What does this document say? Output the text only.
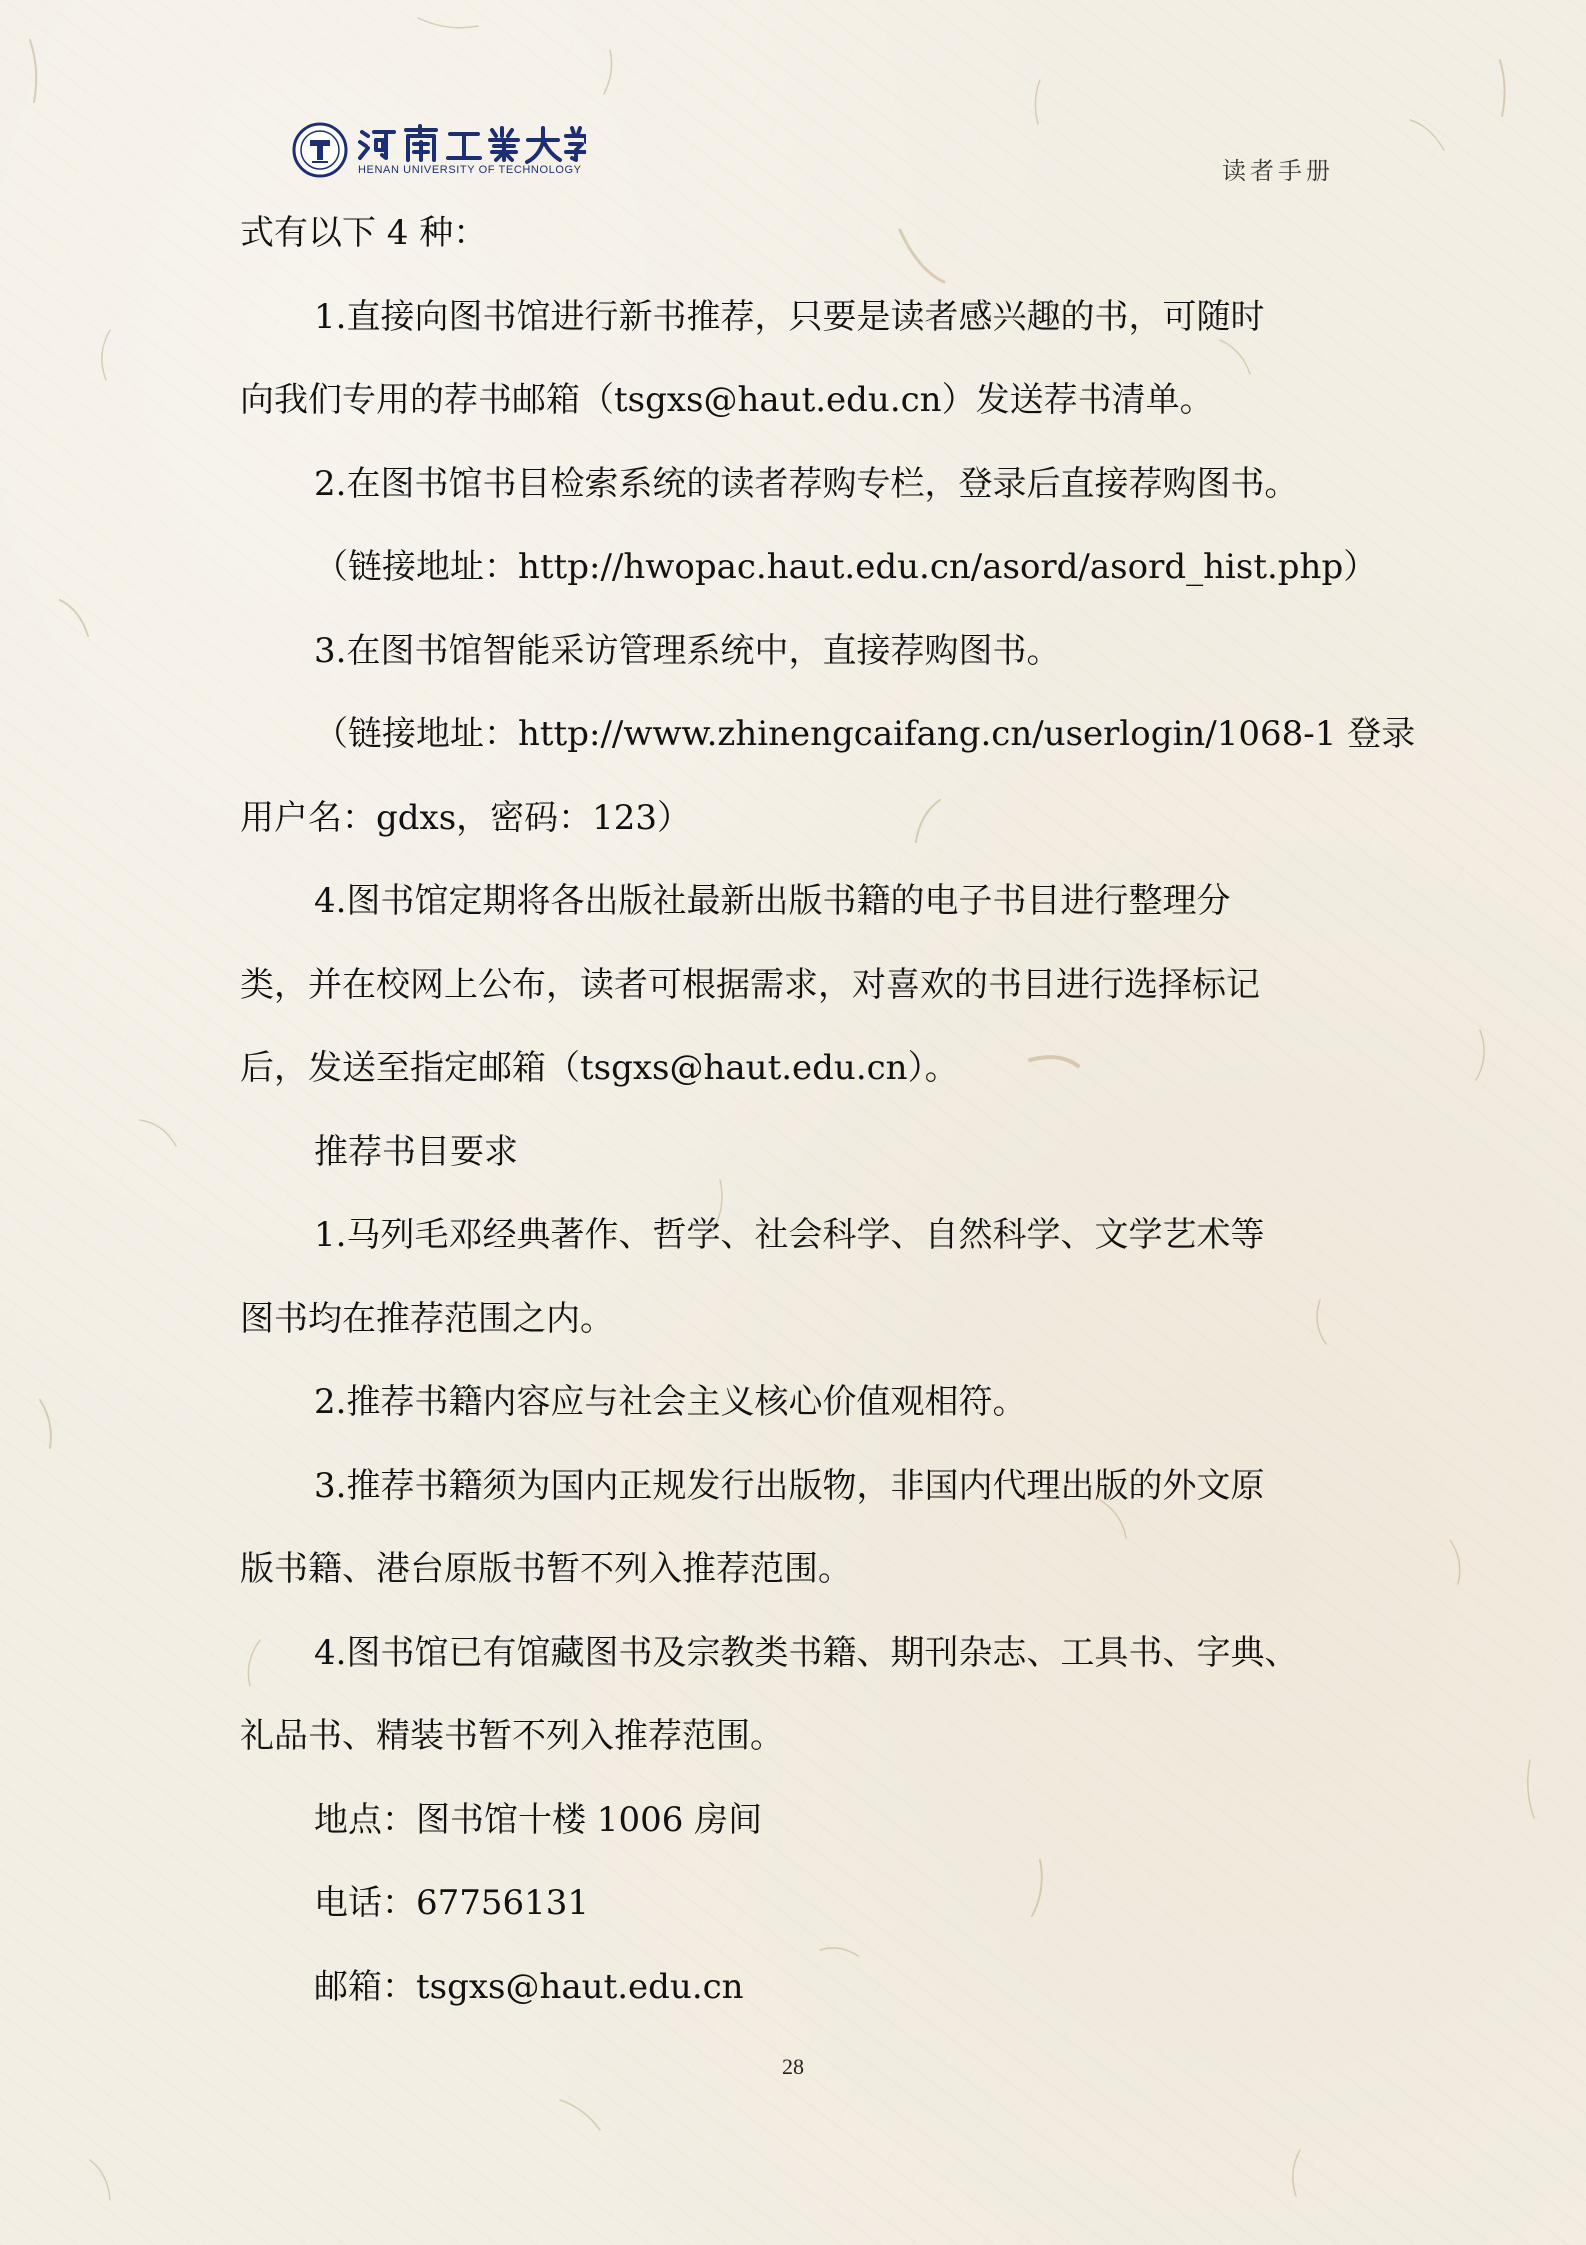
HENAN UNIVERSITY OF TECHNOLOGY	读者手册
式有以下 4 种：
1.直接向图书馆进行新书推荐，只要是读者感兴趣的书，可随时
向我们专用的荐书邮箱（tsgxs@haut.edu.cn）发送荐书清单。
2.在图书馆书目检索系统的读者荐购专栏，登录后直接荐购图书。
（链接地址：http://hwopac.haut.edu.cn/asord/asord_hist.php）
3.在图书馆智能采访管理系统中，直接荐购图书。
（链接地址：http://www.zhinengcaifang.cn/userlogin/1068-1 登录
用户名：gdxs，密码：123）
4.图书馆定期将各出版社最新出版书籍的电子书目进行整理分
类，并在校网上公布，读者可根据需求，对喜欢的书目进行选择标记
后，发送至指定邮箱（tsgxs@haut.edu.cn）。
推荐书目要求
1.马列毛邓经典著作、哲学、社会科学、自然科学、文学艺术等
图书均在推荐范围之内。
2.推荐书籍内容应与社会主义核心价值观相符。
3.推荐书籍须为国内正规发行出版物，非国内代理出版的外文原
版书籍、港台原版书暂不列入推荐范围。
4.图书馆已有馆藏图书及宗教类书籍、期刊杂志、工具书、字典、
礼品书、精装书暂不列入推荐范围。
地点：图书馆十楼 1006 房间
电话：67756131
邮箱：tsgxs@haut.edu.cn
28
